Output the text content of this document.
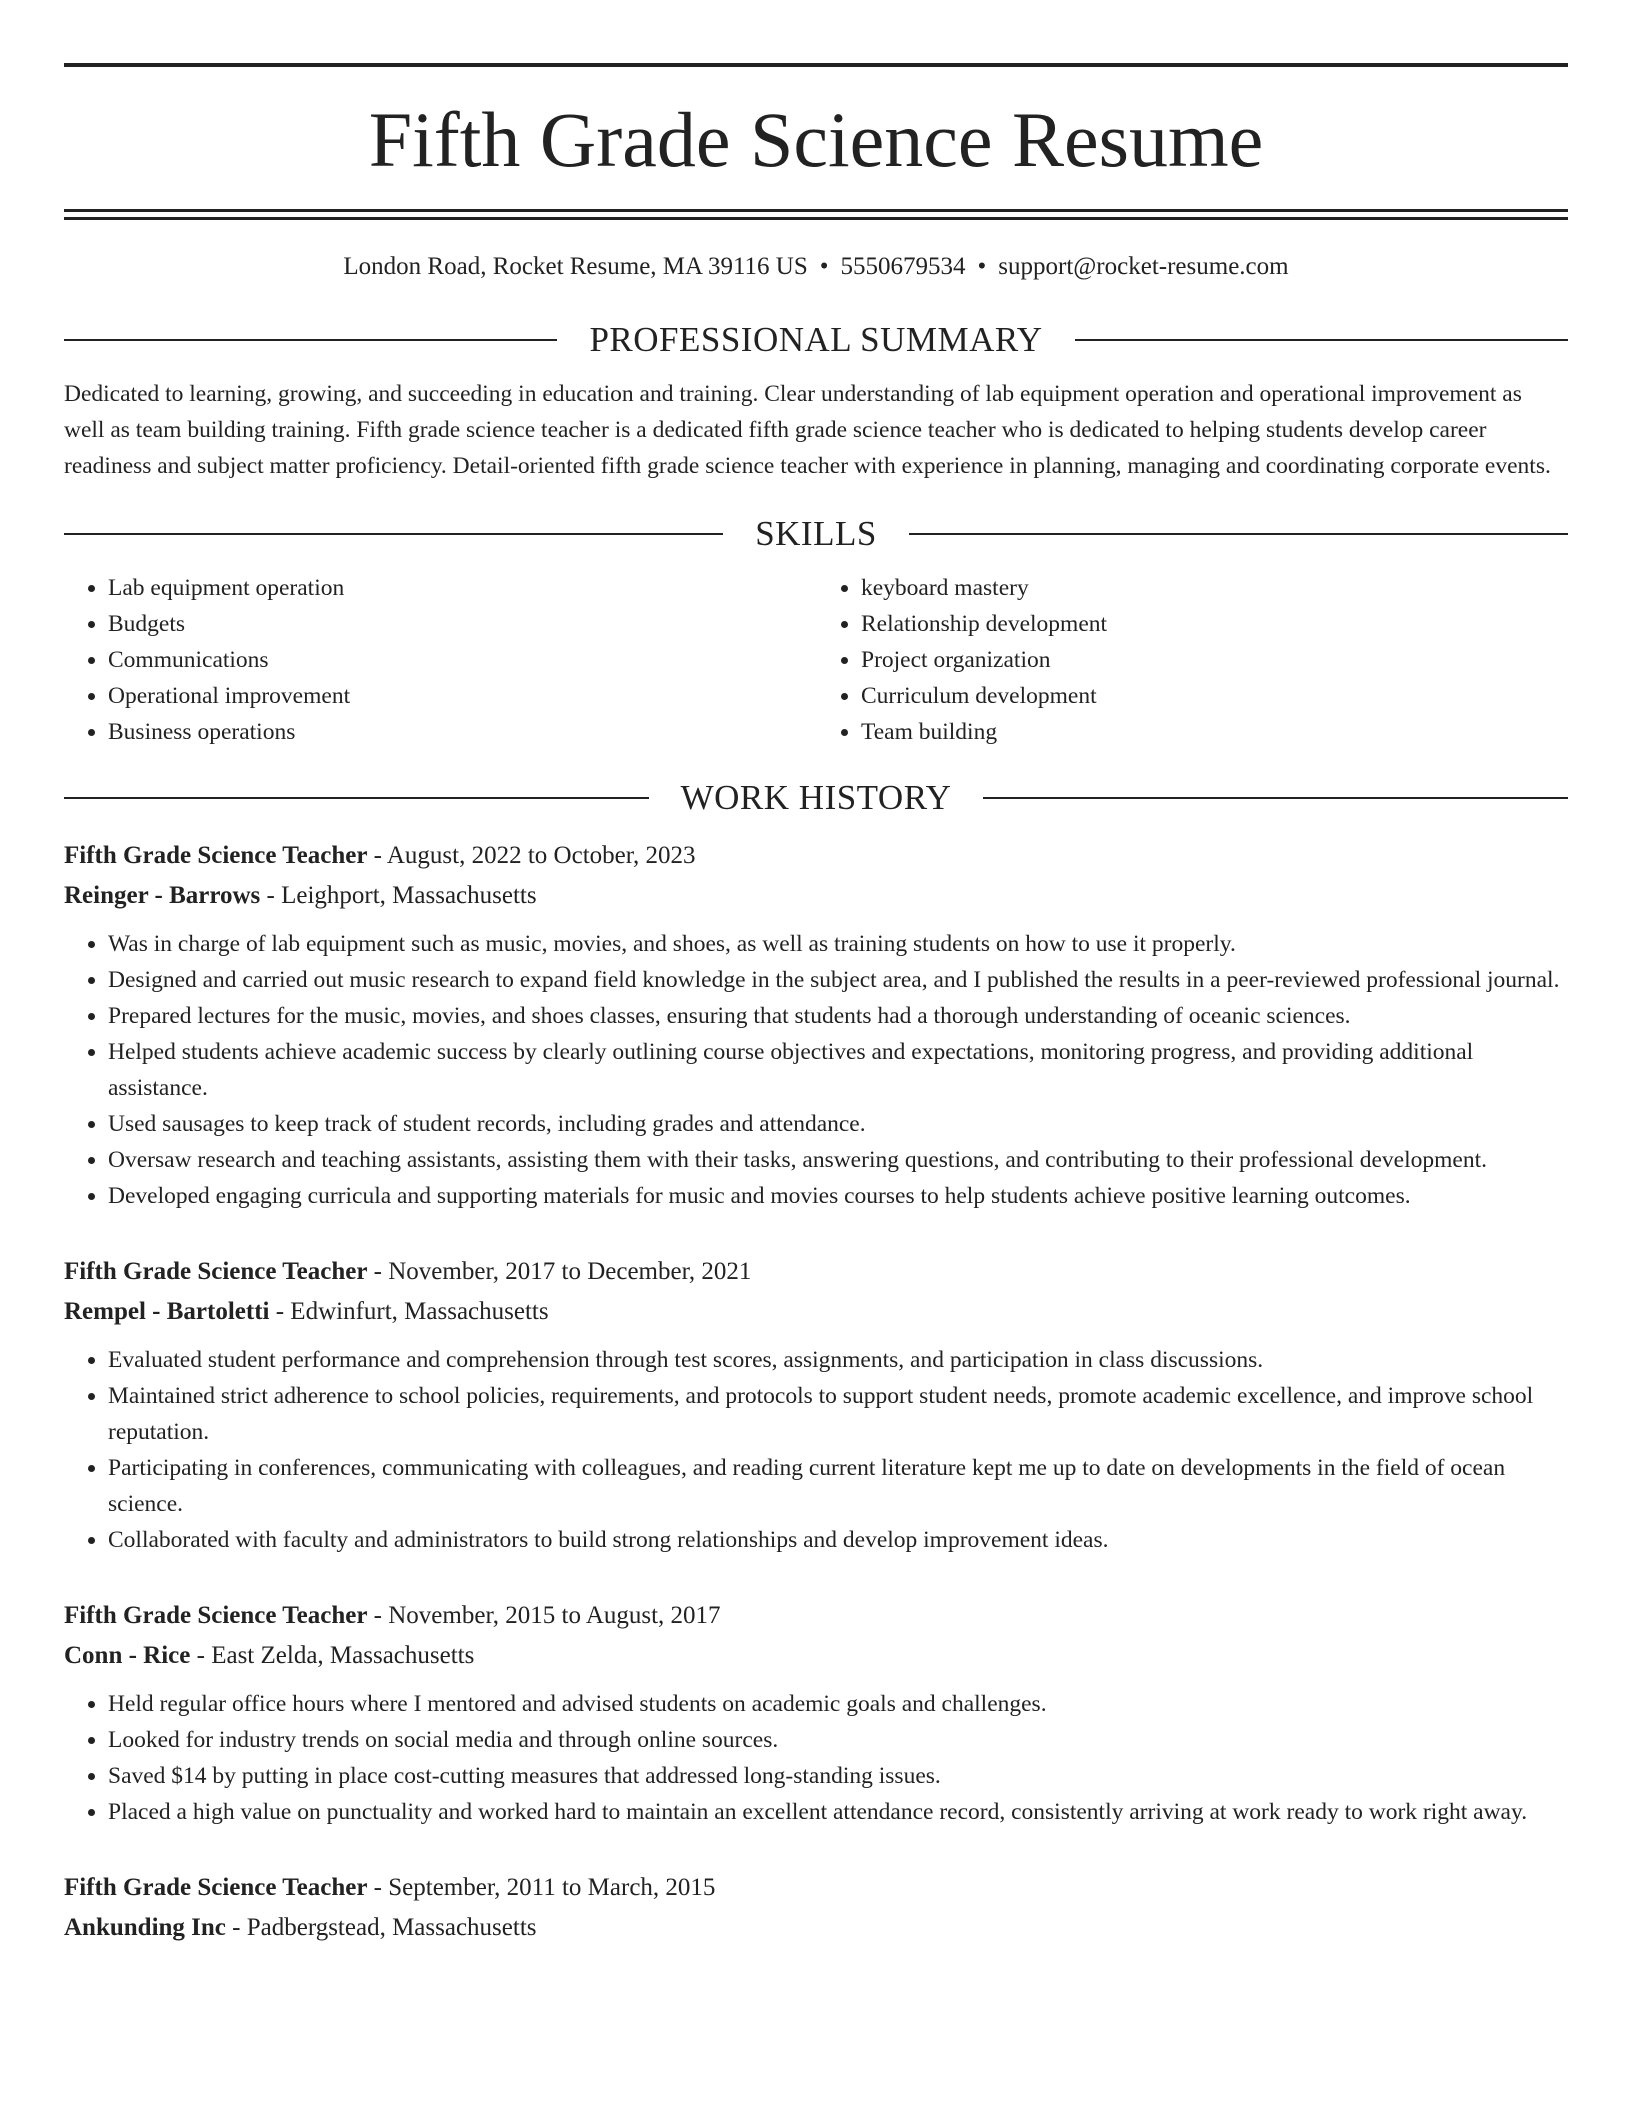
Fifth Grade Science Resume
London Road, Rocket Resume, MA 39116 US • 5550679534 • support@rocket-resume.com
PROFESSIONAL SUMMARY
Dedicated to learning, growing, and succeeding in education and training. Clear understanding of lab equipment operation and operational improvement as well as team building training. Fifth grade science teacher is a dedicated fifth grade science teacher who is dedicated to helping students develop career readiness and subject matter proficiency. Detail-oriented fifth grade science teacher with experience in planning, managing and coordinating corporate events.
SKILLS
• Lab equipment operation
• Budgets
• Communications
• Operational improvement
• Business operations
• keyboard mastery
• Relationship development
• Project organization
• Curriculum development
• Team building
WORK HISTORY
Fifth Grade Science Teacher - August, 2022 to October, 2023
Reinger - Barrows - Leighport, Massachusetts
• Was in charge of lab equipment such as music, movies, and shoes, as well as training students on how to use it properly.
• Designed and carried out music research to expand field knowledge in the subject area, and I published the results in a peer-reviewed professional journal.
• Prepared lectures for the music, movies, and shoes classes, ensuring that students had a thorough understanding of oceanic sciences.
• Helped students achieve academic success by clearly outlining course objectives and expectations, monitoring progress, and providing additional assistance.
• Used sausages to keep track of student records, including grades and attendance.
• Oversaw research and teaching assistants, assisting them with their tasks, answering questions, and contributing to their professional development.
• Developed engaging curricula and supporting materials for music and movies courses to help students achieve positive learning outcomes.
Fifth Grade Science Teacher - November, 2017 to December, 2021
Rempel - Bartoletti - Edwinfurt, Massachusetts
• Evaluated student performance and comprehension through test scores, assignments, and participation in class discussions.
• Maintained strict adherence to school policies, requirements, and protocols to support student needs, promote academic excellence, and improve school reputation.
• Participating in conferences, communicating with colleagues, and reading current literature kept me up to date on developments in the field of ocean science.
• Collaborated with faculty and administrators to build strong relationships and develop improvement ideas.
Fifth Grade Science Teacher - November, 2015 to August, 2017
Conn - Rice - East Zelda, Massachusetts
• Held regular office hours where I mentored and advised students on academic goals and challenges.
• Looked for industry trends on social media and through online sources.
• Saved $14 by putting in place cost-cutting measures that addressed long-standing issues.
• Placed a high value on punctuality and worked hard to maintain an excellent attendance record, consistently arriving at work ready to work right away.
Fifth Grade Science Teacher - September, 2011 to March, 2015
Ankunding Inc - Padbergstead, Massachusetts
